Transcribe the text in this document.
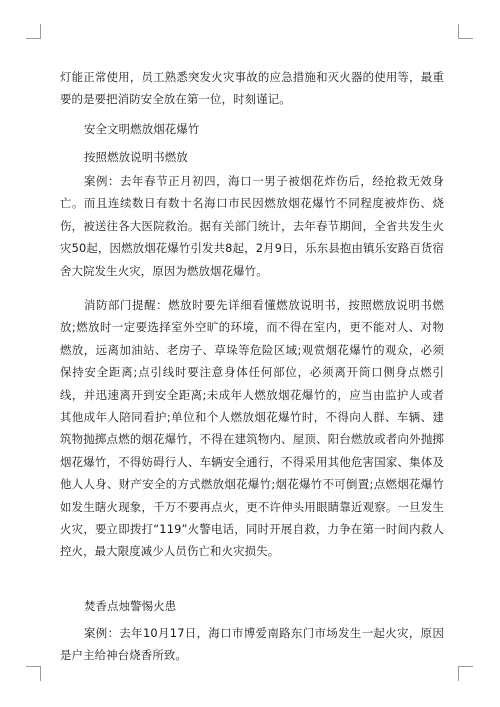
灯能正常使用，员工熟悉突发火灾事故的应急措施和灭火器的使用等，最重要的是要把消防安全放在第一位，时刻谨记。

安全文明燃放烟花爆竹

按照燃放说明书燃放

案例：去年春节正月初四，海口一男子被烟花炸伤后，经抢救无效身亡。而且连续数日有数十名海口市民因燃放烟花爆竹不同程度被炸伤、烧伤，被送往各大医院救治。据有关部门统计，去年春节期间，全省共发生火灾50起，因燃放烟花爆竹引发共8起，2月9日，乐东县抱由镇乐安路百货宿舍大院发生火灾，原因为燃放烟花爆竹。

消防部门提醒：燃放时要先详细看懂燃放说明书，按照燃放说明书燃放;燃放时一定要选择室外空旷的环境，而不得在室内，更不能对人、对物燃放，远离加油站、老房子、草垛等危险区域;观赏烟花爆竹的观众，必须保持安全距离;点引线时要注意身体任何部位，必须离开筒口侧身点燃引线，并迅速离开到安全距离;未成年人燃放烟花爆竹的，应当由监护人或者其他成年人陪同看护;单位和个人燃放烟花爆竹时，不得向人群、车辆、建筑物抛掷点燃的烟花爆竹，不得在建筑物内、屋顶、阳台燃放或者向外抛掷烟花爆竹，不得妨碍行人、车辆安全通行，不得采用其他危害国家、集体及他人人身、财产安全的方式燃放烟花爆竹;烟花爆竹不可倒置;点燃烟花爆竹如发生瞎火现象，千万不要再点火，更不许伸头用眼睛靠近观察。一旦发生火灾，要立即拨打“119”火警电话，同时开展自救，力争在第一时间内救人控火，最大限度减少人员伤亡和火灾损失。

焚香点烛警惕火患

案例：去年10月17日，海口市博爱南路东门市场发生一起火灾，原因是户主给神台烧香所致。
